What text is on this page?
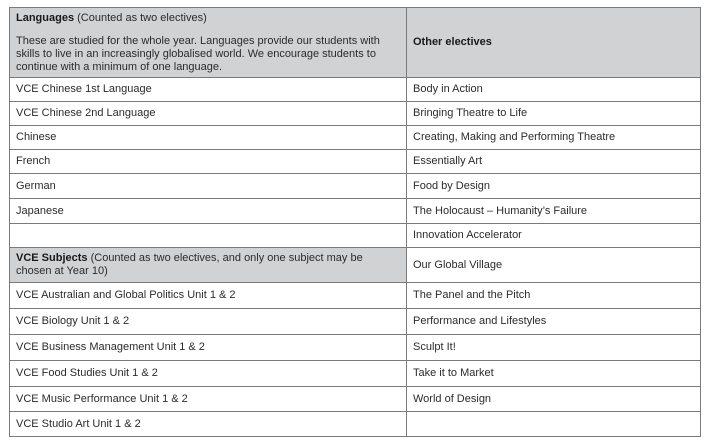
Languages (Counted as two electives)
These are studied for the whole year. Languages provide our students with skills to live in an increasingly globalised world. We encourage students to continue with a minimum of one language.	Other electives
VCE Chinese 1st Language	Body in Action
VCE Chinese 2nd Language	Bringing Theatre to Life
Chinese	Creating, Making and Performing Theatre
French	Essentially Art
German	Food by Design
Japanese	The Holocaust – Humanity’s Failure
	Innovation Accelerator
VCE Subjects (Counted as two electives, and only one subject may be chosen at Year 10)	Our Global Village
VCE Australian and Global Politics Unit 1 & 2	The Panel and the Pitch
VCE Biology Unit 1 & 2	Performance and Lifestyles
VCE Business Management Unit 1 & 2	Sculpt It!
VCE Food Studies Unit 1 & 2	Take it to Market
VCE Music Performance Unit 1 & 2	World of Design
VCE Studio Art Unit 1 & 2	
